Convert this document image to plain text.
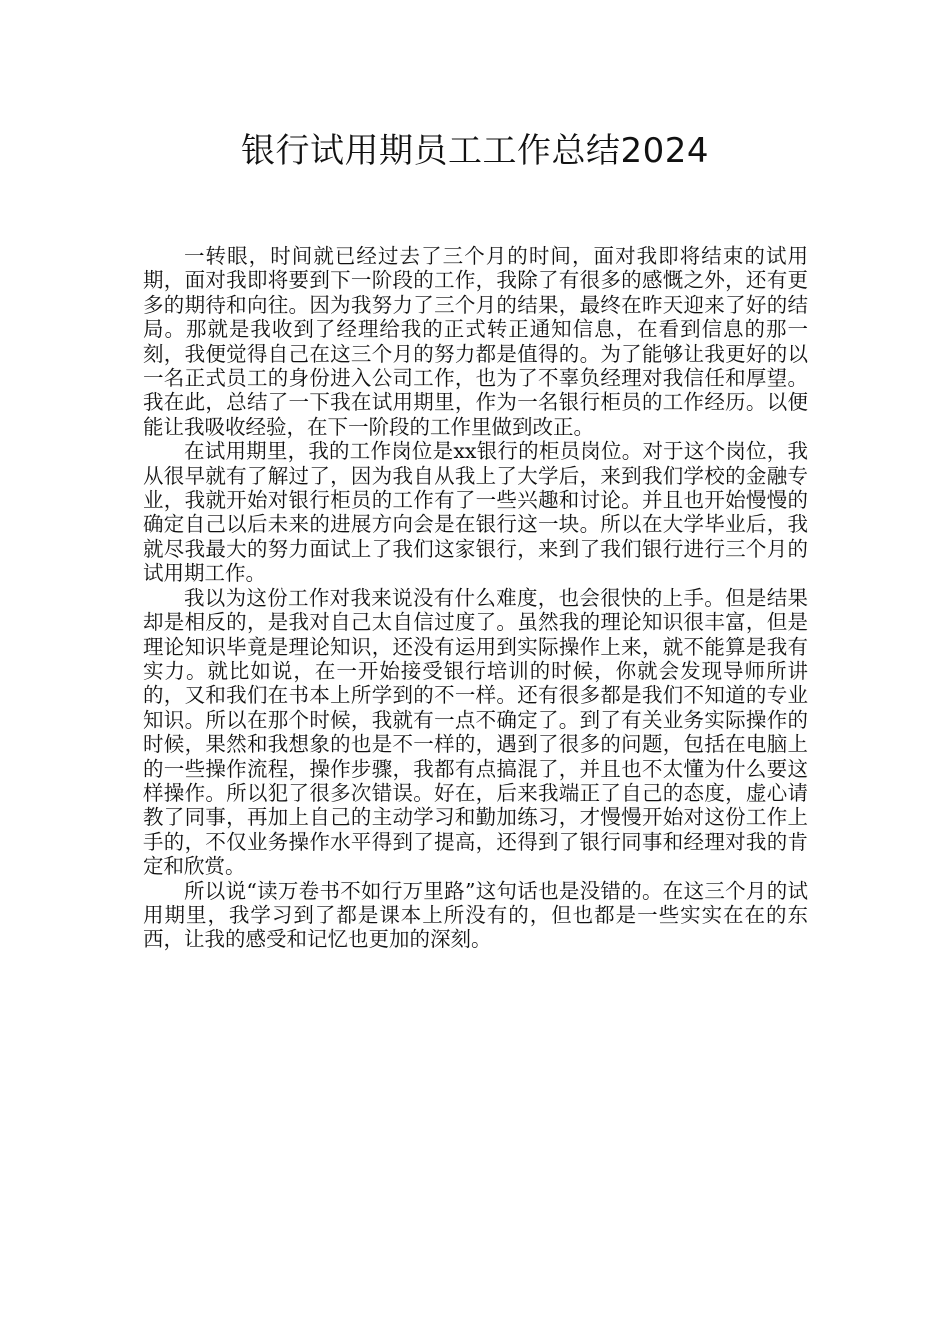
银行试用期员工工作总结2024

一转眼，时间就已经过去了三个月的时间，面对我即将结束的试用期，面对我即将要到下一阶段的工作，我除了有很多的感慨之外，还有更多的期待和向往。因为我努力了三个月的结果，最终在昨天迎来了好的结局。那就是我收到了经理给我的正式转正通知信息，在看到信息的那一刻，我便觉得自己在这三个月的努力都是值得的。为了能够让我更好的以一名正式员工的身份进入公司工作，也为了不辜负经理对我信任和厚望。我在此，总结了一下我在试用期里，作为一名银行柜员的工作经历。以便能让我吸收经验，在下一阶段的工作里做到改正。

在试用期里，我的工作岗位是xx银行的柜员岗位。对于这个岗位，我从很早就有了解过了，因为我自从我上了大学后，来到我们学校的金融专业，我就开始对银行柜员的工作有了一些兴趣和讨论。并且也开始慢慢的确定自己以后未来的进展方向会是在银行这一块。所以在大学毕业后，我就尽我最大的努力面试上了我们这家银行，来到了我们银行进行三个月的试用期工作。

我以为这份工作对我来说没有什么难度，也会很快的上手。但是结果却是相反的，是我对自己太自信过度了。虽然我的理论知识很丰富，但是理论知识毕竟是理论知识，还没有运用到实际操作上来，就不能算是我有实力。就比如说，在一开始接受银行培训的时候，你就会发现导师所讲的，又和我们在书本上所学到的不一样。还有很多都是我们不知道的专业知识。所以在那个时候，我就有一点不确定了。到了有关业务实际操作的时候，果然和我想象的也是不一样的，遇到了很多的问题，包括在电脑上的一些操作流程，操作步骤，我都有点搞混了，并且也不太懂为什么要这样操作。所以犯了很多次错误。好在，后来我端正了自己的态度，虚心请教了同事，再加上自己的主动学习和勤加练习，才慢慢开始对这份工作上手的，不仅业务操作水平得到了提高，还得到了银行同事和经理对我的肯定和欣赏。

所以说“读万卷书不如行万里路”这句话也是没错的。在这三个月的试用期里，我学习到了都是课本上所没有的，但也都是一些实实在在的东西，让我的感受和记忆也更加的深刻。
